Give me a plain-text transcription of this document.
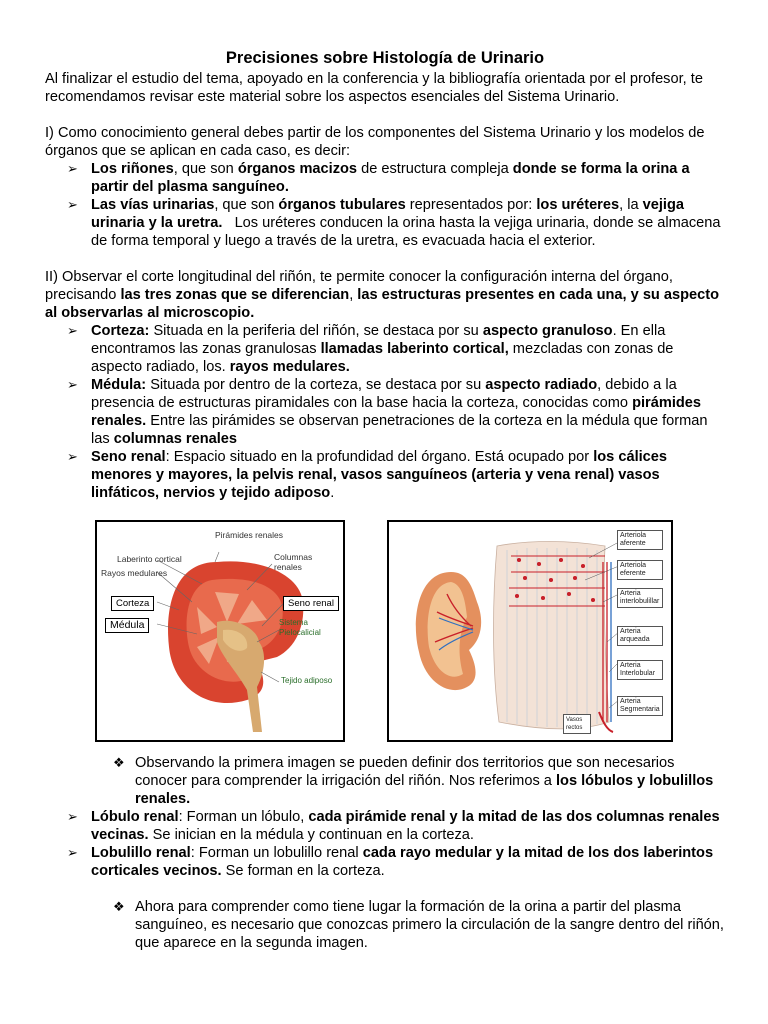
Precisiones sobre Histología de Urinario

Al finalizar el estudio del tema, apoyado en la conferencia y la bibliografía orientada por el profesor, te recomendamos revisar este material sobre los aspectos esenciales del Sistema Urinario.

I) Como conocimiento general debes partir de los componentes del Sistema Urinario y los modelos de órganos que se aplican en cada caso, es decir:

➢ Los riñones, que son órganos macizos de estructura compleja donde se forma la orina a partir del plasma sanguíneo.
➢ Las vías urinarias, que son órganos tubulares representados por: los uréteres, la vejiga urinaria y la uretra.   Los uréteres conducen la orina hasta la vejiga urinaria, donde se almacena de forma temporal y luego a través de la uretra, es evacuada hacia el exterior.

II) Observar el corte longitudinal del riñón, te permite conocer la configuración interna del órgano, precisando las tres zonas que se diferencian, las estructuras presentes en cada una, y su aspecto al observarlas al microscopio.

➢ Corteza: Situada en la periferia del riñón, se destaca por su aspecto granuloso. En ella encontramos las zonas granulosas llamadas laberinto cortical, mezcladas con zonas de aspecto radiado, los. rayos medulares.
➢ Médula: Situada por dentro de la corteza, se destaca por su aspecto radiado, debido a la presencia de estructuras piramidales con la base hacia la corteza, conocidas como pirámides renales. Entre las pirámides se observan penetraciones de la corteza en la médula que forman las columnas renales
➢ Seno renal: Espacio situado en la profundidad del órgano. Está ocupado por los cálices menores y mayores, la pelvis renal, vasos sanguíneos (arteria y vena renal) vasos linfáticos, nervios y tejido adiposo.
Pirámides renales
Laberinto cortical	Columnas renales
Rayos medulares
Corteza	Seno renal
Médula	Sistema Pielocalicial
Tejido adiposo
Arteriola aferente
Arteriola eferente
Arteria interlobulillar
Arteria arqueada
Arteria Interlobular
Arteria Segmentaria
Vasos rectos
❖ Observando la primera imagen se pueden definir dos territorios que son necesarios conocer para comprender la irrigación del riñón. Nos referimos a los lóbulos y lobulillos renales.
➢ Lóbulo renal: Forman un lóbulo, cada pirámide renal y la mitad de las dos columnas renales vecinas. Se inician en la médula y continuan en la corteza.
➢ Lobulillo renal: Forman un lobulillo renal cada rayo medular y la mitad de los dos laberintos corticales vecinos. Se forman en la corteza.
❖ Ahora para comprender como tiene lugar la formación de la orina a partir del plasma sanguíneo, es necesario que conozcas primero la circulación de la sangre dentro del riñón, que aparece en la segunda imagen.
